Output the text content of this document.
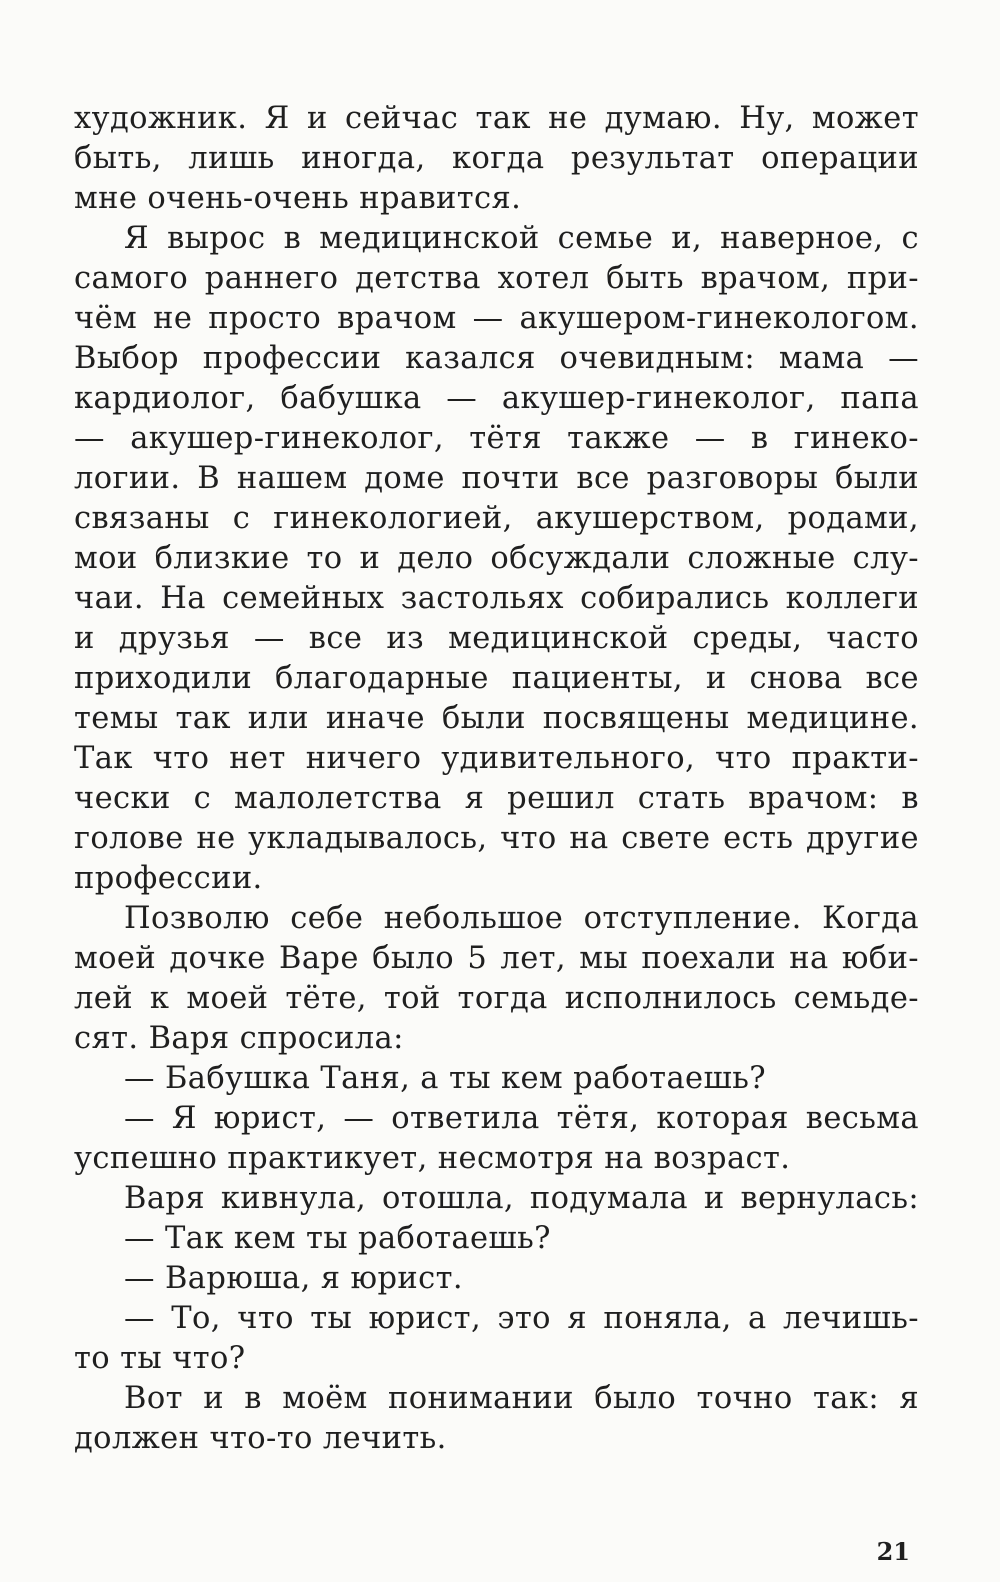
художник. Я и сейчас так не думаю. Ну, может

быть, лишь иногда, когда результат операции

мне очень-очень нравится.

Я вырос в медицинской семье и, наверное, с

самого раннего детства хотел быть врачом, при-

чём не просто врачом — акушером-гинекологом.

Выбор профессии казался очевидным: мама —

кардиолог, бабушка — акушер-гинеколог, папа

— акушер-гинеколог, тётя также — в гинеко-

логии. В нашем доме почти все разговоры были

связаны с гинекологией, акушерством, родами,

мои близкие то и дело обсуждали сложные слу-

чаи. На семейных застольях собирались коллеги

и друзья — все из медицинской среды, часто

приходили благодарные пациенты, и снова все

темы так или иначе были посвящены медицине.

Так что нет ничего удивительного, что практи-

чески с малолетства я решил стать врачом: в

голове не укладывалось, что на свете есть другие

профессии.

Позволю себе небольшое отступление. Когда

моей дочке Варе было 5 лет, мы поехали на юби-

лей к моей тёте, той тогда исполнилось семьде-

сят. Варя спросила:

— Бабушка Таня, а ты кем работаешь?

— Я юрист, — ответила тётя, которая весьма

успешно практикует, несмотря на возраст.

Варя кивнула, отошла, подумала и вернулась:

— Так кем ты работаешь?

— Варюша, я юрист.

— То, что ты юрист, это я поняла, а лечишь-

то ты что?

Вот и в моём понимании было точно так: я

должен что-то лечить.

21
